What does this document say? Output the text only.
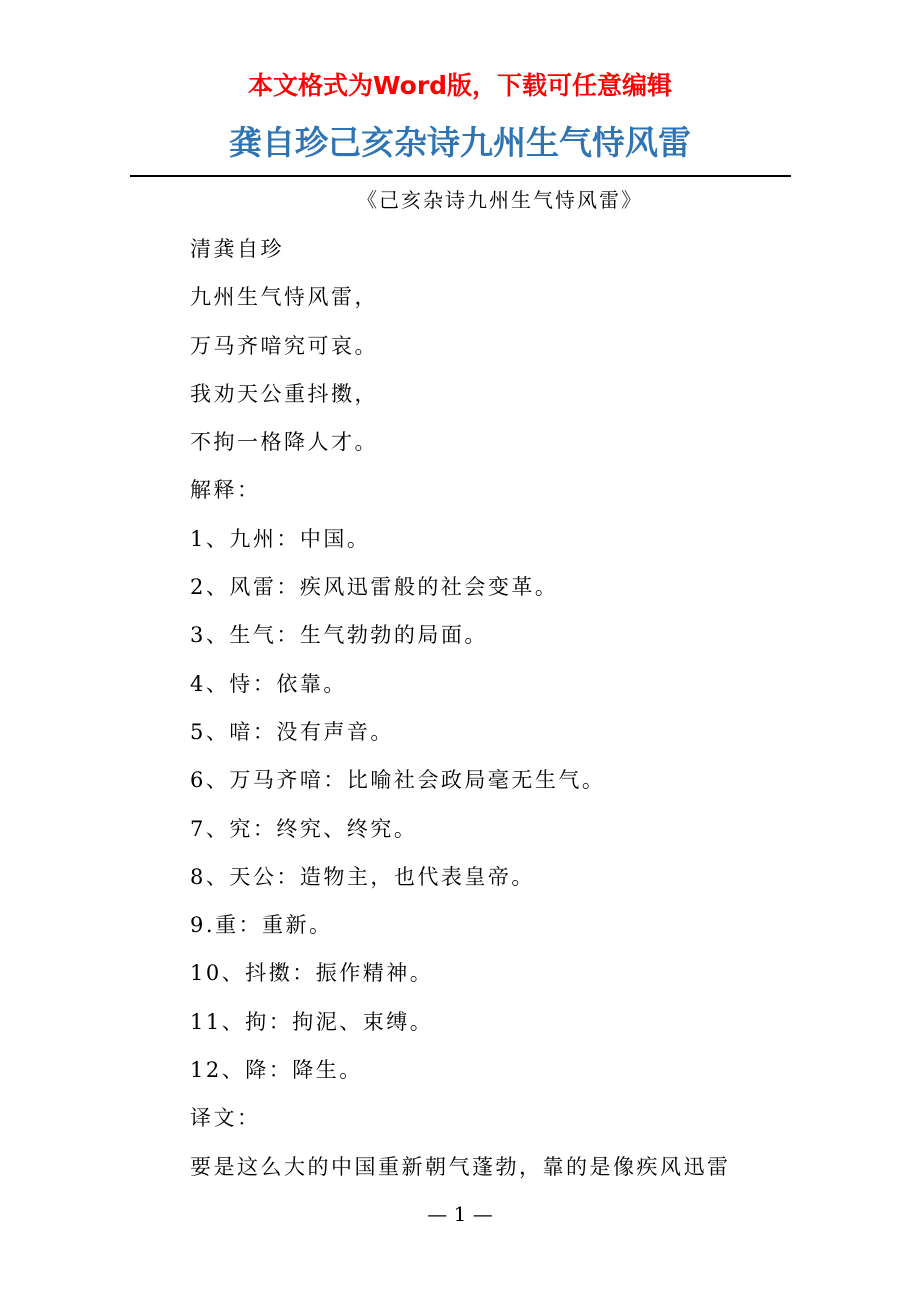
本文格式为Word版，下载可任意编辑
龚自珍己亥杂诗九州生气恃风雷
《己亥杂诗九州生气恃风雷》
清龚自珍
九州生气恃风雷，
万马齐喑究可哀。
我劝天公重抖擞，
不拘一格降人才。
解释：
1、九州：中国。
2、风雷：疾风迅雷般的社会变革。
3、生气：生气勃勃的局面。
4、恃：依靠。
5、喑：没有声音。
6、万马齐喑：比喻社会政局毫无生气。
7、究：终究、终究。
8、天公：造物主，也代表皇帝。
9.重：重新。
10、抖擞：振作精神。
11、拘：拘泥、束缚。
12、降：降生。
译文：
要是这么大的中国重新朝气蓬勃，靠的是像疾风迅雷
— 1 —
